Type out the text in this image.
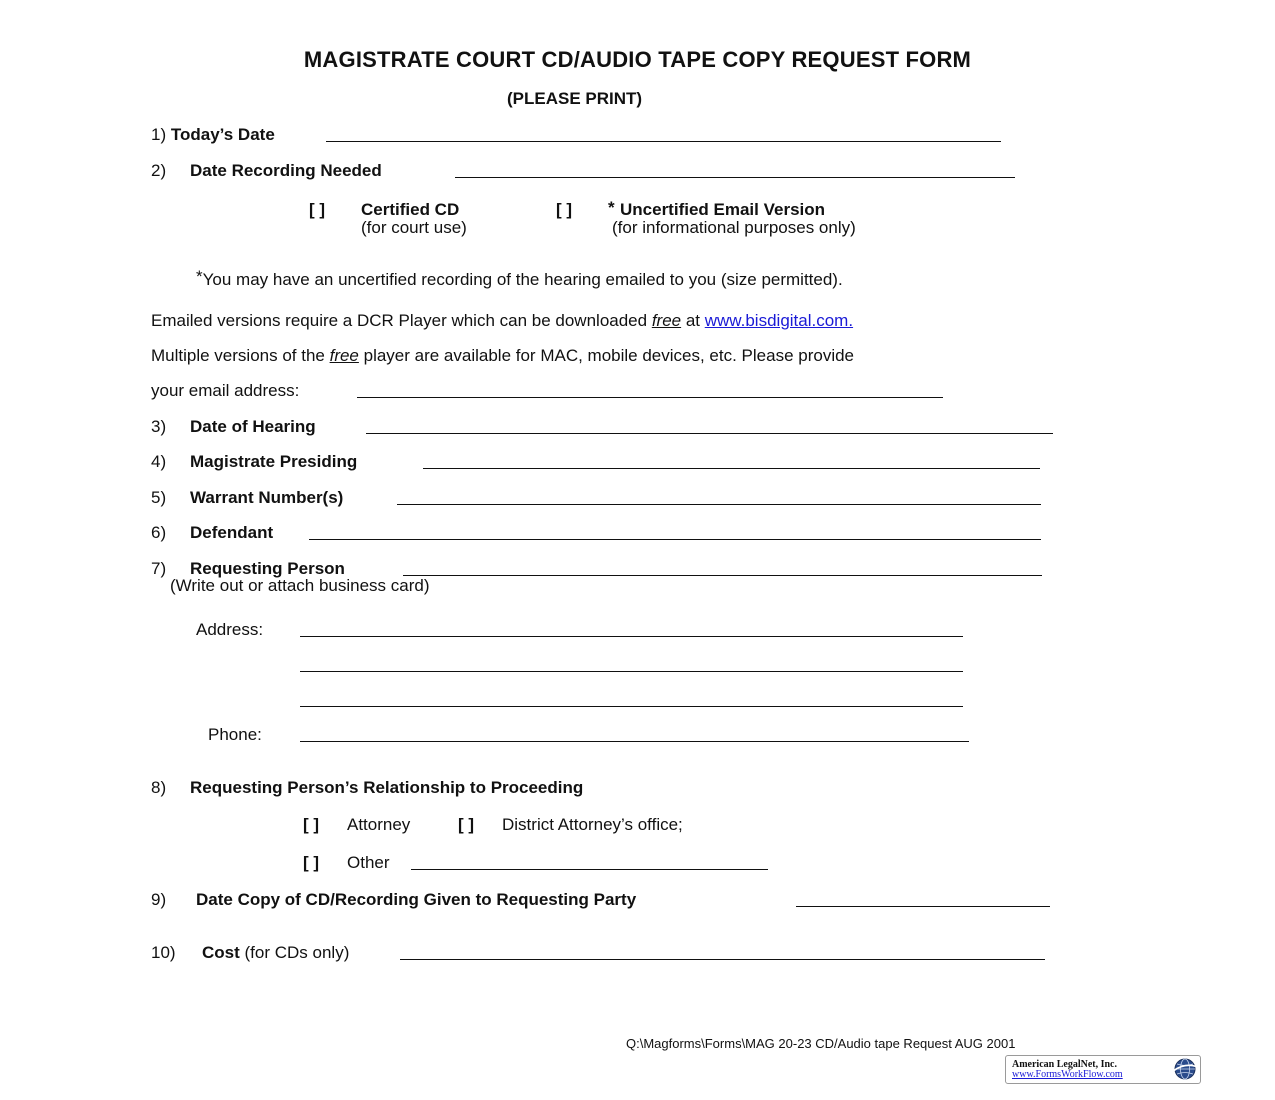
MAGISTRATE COURT CD/AUDIO TAPE COPY REQUEST FORM
(PLEASE PRINT)
1) Today’s Date
2) Date Recording Needed
[ ] Certified CD
(for court use)
[ ] * Uncertified Email Version
(for informational purposes only)
*You may have an uncertified recording of the hearing emailed to you (size permitted).
Emailed versions require a DCR Player which can be downloaded free at www.bisdigital.com.
Multiple versions of the free player are available for MAC, mobile devices, etc. Please provide
your email address:
3) Date of Hearing
4) Magistrate Presiding
5) Warrant Number(s)
6) Defendant
7) Requesting Person
(Write out or attach business card)
Address:
Phone:
8) Requesting Person’s Relationship to Proceeding
[ ] Attorney	[ ] District Attorney’s office;
[ ] Other
9) Date Copy of CD/Recording Given to Requesting Party
10) Cost (for CDs only)
Q:\Magforms\Forms\MAG 20-23 CD/Audio tape Request AUG 2001
American LegalNet, Inc.
www.FormsWorkFlow.com
